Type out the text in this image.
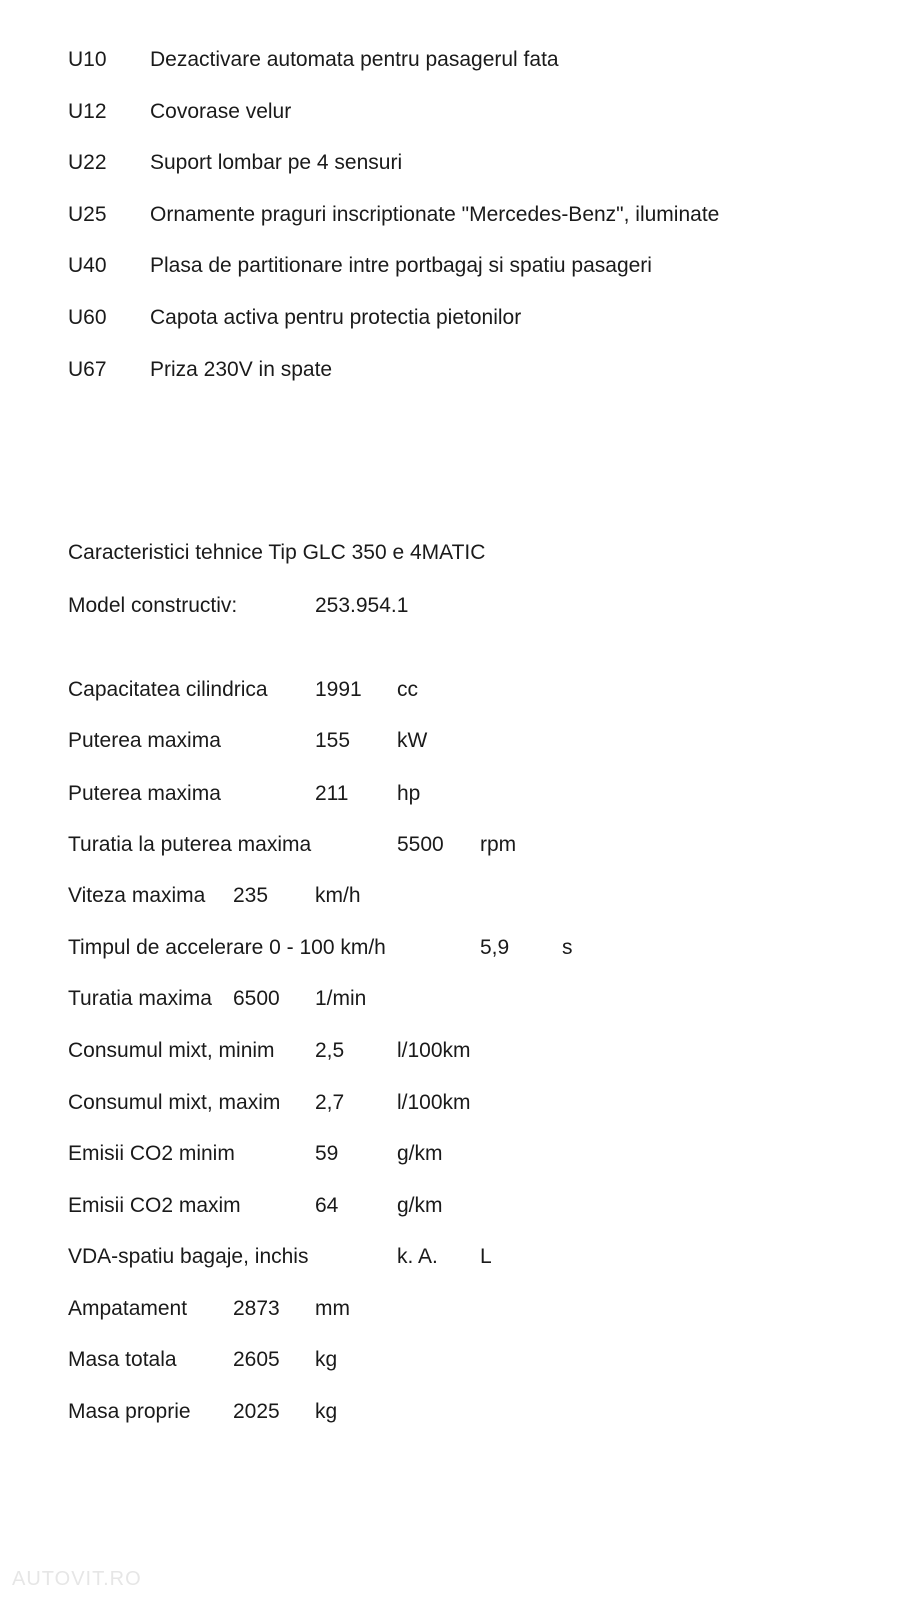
U10 Dezactivare automata pentru pasagerul fata
U12 Covorase velur
U22 Suport lombar pe 4 sensuri
U25 Ornamente praguri inscriptionate "Mercedes-Benz", iluminate
U40 Plasa de partitionare intre portbagaj si spatiu pasageri
U60 Capota activa pentru protectia pietonilor
U67 Priza 230V in spate
Caracteristici tehnice Tip GLC 350 e 4MATIC
Model constructiv:	253.954.1
Capacitatea cilindrica 1991 cc
Puterea maxima	155 kW
Puterea maxima	211 hp
Turatia la puterea maxima	5500 rpm
Viteza maxima 235 km/h
Timpul de accelerare 0 - 100 km/h	5,9	s
Turatia maxima 6500 1/min
Consumul mixt, minim 2,5	l/100km
Consumul mixt, maxim 2,7	l/100km
Emisii CO2 minim	59	g/km
Emisii CO2 maxim	64	g/km
VDA-spatiu bagaje, inchis	k. A. L
Ampatament 2873 mm
Masa totala	2605 kg
Masa proprie 2025 kg
AUTOVIT.RO
